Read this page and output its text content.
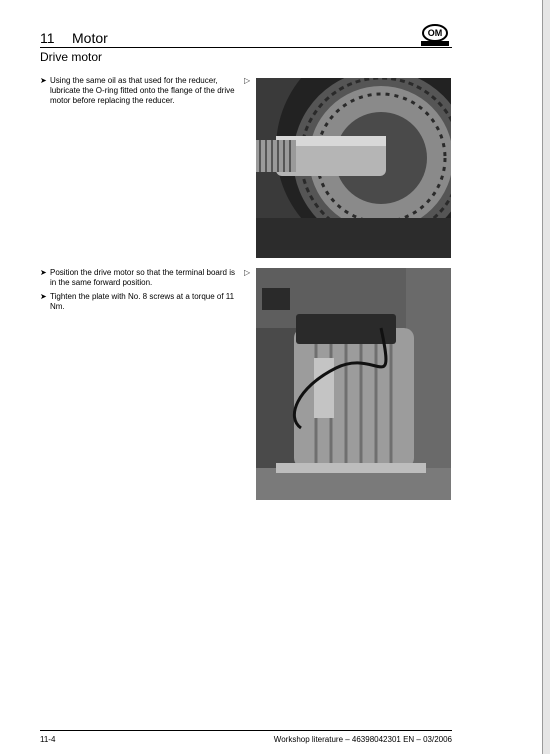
11 Motor	OM
Drive motor
➤ Using the same oil as that used for the reducer, lubricate the O-ring fitted onto the flange of the drive motor before replacing the reducer.
▷
➤ Position the drive motor so that the terminal board is in the same forward position.
➤ Tighten the plate with No. 8 screws at a torque of 11 Nm.
▷
11-4	Workshop literature – 46398042301 EN – 03/2006
